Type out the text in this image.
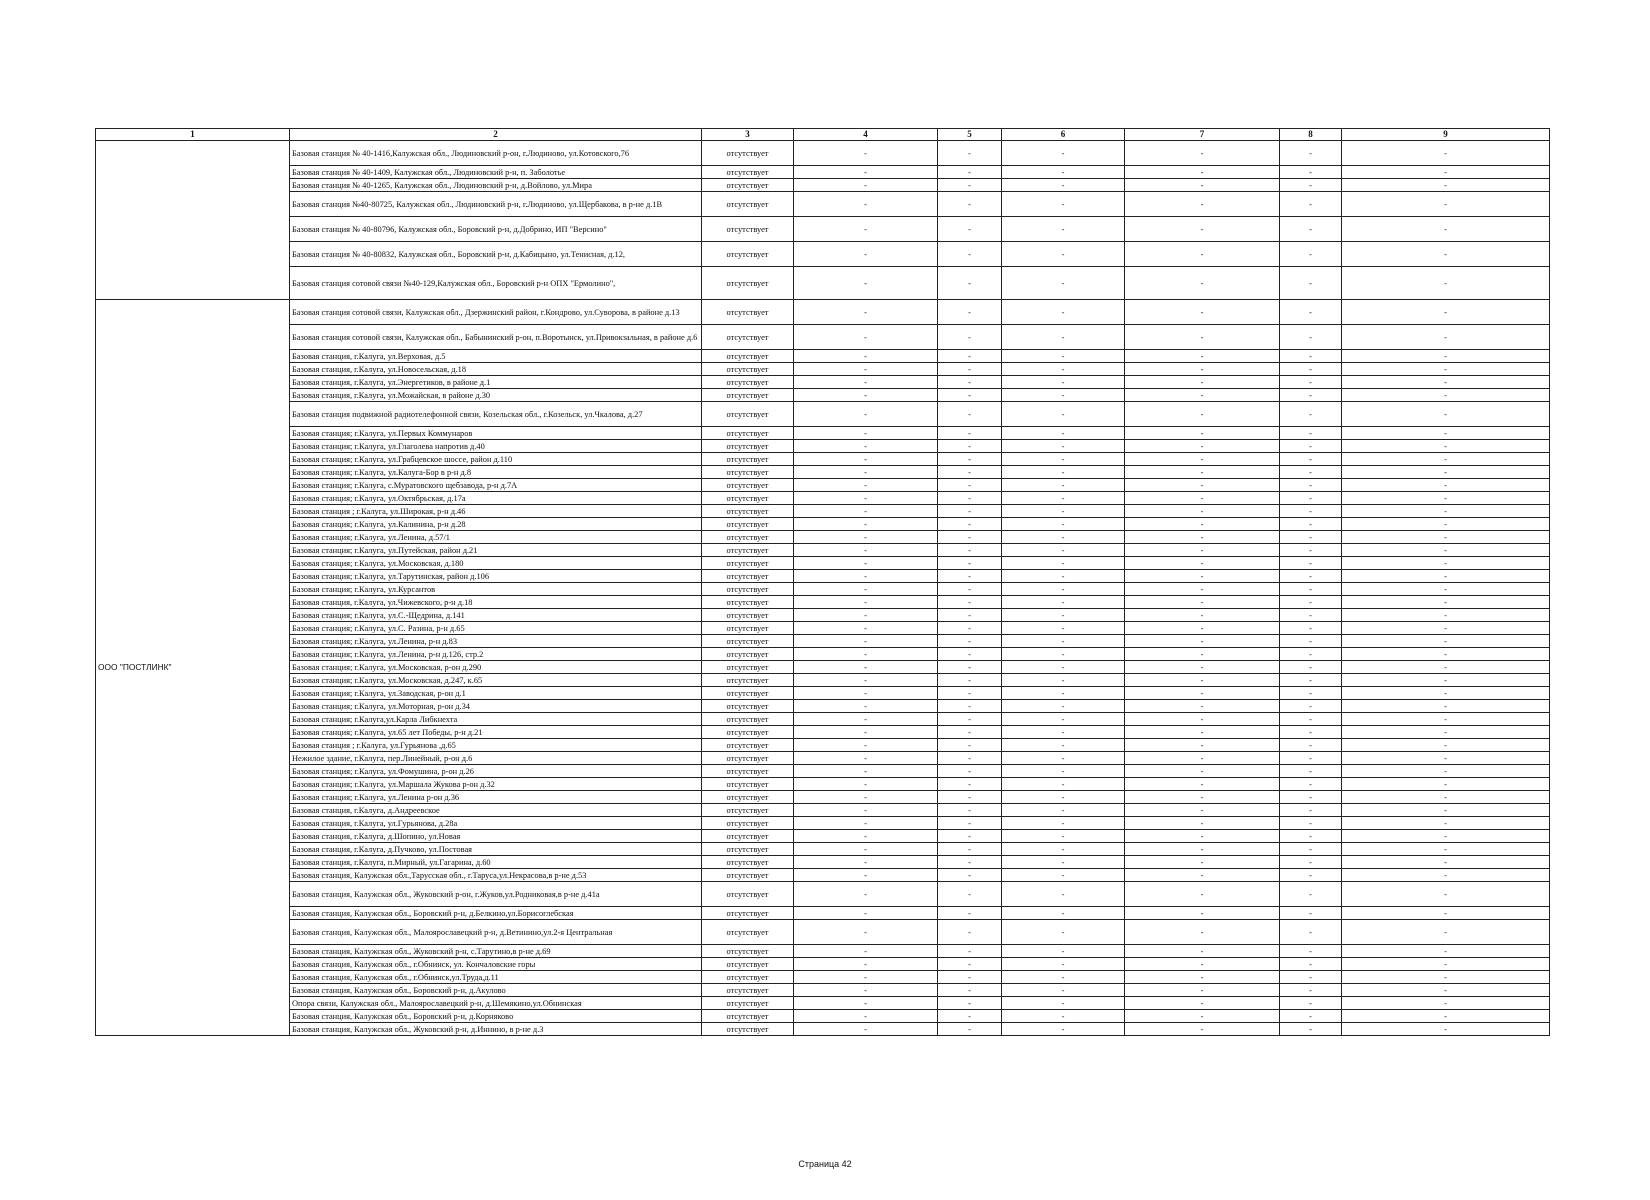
1	2	3	4	5	6	7	8	9
	Базовая станция № 40-1416,Калужская обл., Людиновский р-он, г.Людиново, ул.Котовского,76	отсутствует	-	-	-	-	-	-
	Базовая станция № 40-1409, Калужская обл., Людиновский р-н, п. Заболотье	отсутствует	-	-	-	-	-	-
	Базовая станция № 40-1265, Калужская обл., Людиновский р-н, д.Войлово, ул.Мира	отсутствует	-	-	-	-	-	-
	Базовая станция №40-80725, Калужская обл., Людиновский р-н, г.Людиново, ул.Щербакова, в р-не д.1В	отсутствует	-	-	-	-	-	-
	Базовая станция № 40-80796, Калужская обл., Боровский р-н, д.Добрино, ИП "Версино"	отсутствует	-	-	-	-	-	-
	Базовая станция № 40-80832, Калужская обл., Боровский р-н, д.Кабицыно, ул.Тенисная, д.12,	отсутствует	-	-	-	-	-	-
	Базовая станция сотовой связи №40-129,Калужская обл., Боровский р-н ОПХ "Ермолино",	отсутствует	-	-	-	-	-	-
ООО "ПОСТЛИНК"	Базовая станция сотовой связи, Калужская обл., Дзержинский район, г.Кондрово, ул.Суворова, в районе д.13	отсутствует	-	-	-	-	-	-
	Базовая станция сотовой связи, Калужская обл., Бабынинский р-он, п.Воротынск, ул.Привокзальная, в районе д.6	отсутствует	-	-	-	-	-	-
	Базовая станция, г.Калуга, ул.Верховая, д.5	отсутствует	-	-	-	-	-	-
	Базовая станция, г.Калуга, ул.Новосельская, д.18	отсутствует	-	-	-	-	-	-
	Базовая станция, г.Калуга, ул.Энергетиков, в районе д.1	отсутствует	-	-	-	-	-	-
	Базовая станция, г.Калуга, ул.Можайская, в районе д.30	отсутствует	-	-	-	-	-	-
	Базовая станция подвижной радиотелефонной связи, Козельская обл., г.Козельск, ул.Чкалова, д.27	отсутствует	-	-	-	-	-	-
	Базовая станция; г.Калуга, ул.Первых Коммунаров	отсутствует	-	-	-	-	-	-
	Базовая станция; г.Калуга, ул.Глаголева напротив д.40	отсутствует	-	-	-	-	-	-
	Базовая станция; г.Калуга, ул.Грабцевское шоссе, район д.110	отсутствует	-	-	-	-	-	-
	Базовая станция; г.Калуга, ул.Калуга-Бор в р-н д.8	отсутствует	-	-	-	-	-	-
	Базовая станция; г.Калуга, с.Муратовского щебзавода, р-н д.7А	отсутствует	-	-	-	-	-	-
	Базовая станция; г.Калуга, ул.Октябрьская, д.17а	отсутствует	-	-	-	-	-	-
	Базовая станция ; г.Калуга, ул.Широкая, р-н д.46	отсутствует	-	-	-	-	-	-
	Базовая станция; г.Калуга, ул.Калинина, р-н д.28	отсутствует	-	-	-	-	-	-
	Базовая станция; г.Калуга, ул.Ленина, д.57/1	отсутствует	-	-	-	-	-	-
	Базовая станция; г.Калуга, ул.Путейская, район д.21	отсутствует	-	-	-	-	-	-
	Базовая станция; г.Калуга, ул.Московская, д.180	отсутствует	-	-	-	-	-	-
	Базовая станция; г.Калуга, ул.Тарутинская, район д.106	отсутствует	-	-	-	-	-	-
	Базовая станция; г.Калуга, ул.Курсантов	отсутствует	-	-	-	-	-	-
	Базовая станция, г.Калуга, ул.Чижевского, р-н д.18	отсутствует	-	-	-	-	-	-
	Базовая станция; г.Калуга, ул.С.-Щедрина, д.141	отсутствует	-	-	-	-	-	-
	Базовая станция; г.Калуга, ул.С. Разина, р-н д.65	отсутствует	-	-	-	-	-	-
	Базовая станция; г.Калуга, ул.Ленина, р-н д.83	отсутствует	-	-	-	-	-	-
	Базовая станция; г.Калуга, ул.Ленина, р-н д.126, стр.2	отсутствует	-	-	-	-	-	-
	Базовая станция; г.Калуга, ул.Московская, р-он д.290	отсутствует	-	-	-	-	-	-
	Базовая станция; г.Калуга, ул.Московская, д.247, к.65	отсутствует	-	-	-	-	-	-
	Базовая станция; г.Калуга, ул.Заводская, р-он д.1	отсутствует	-	-	-	-	-	-
	Базовая станция; г.Калуга, ул.Моторная, р-он д.34	отсутствует	-	-	-	-	-	-
	Базовая станция; г.Калуга,ул.Карла Либкнехта	отсутствует	-	-	-	-	-	-
	Базовая станция; г.Калуга, ул.65 лет Победы, р-н д.21	отсутствует	-	-	-	-	-	-
	Базовая станция ; г.Калуга, ул.Гурьянова ,д.65	отсутствует	-	-	-	-	-	-
	Нежилое здание, г.Калуга, пер.Линейный, р-он д.6	отсутствует	-	-	-	-	-	-
	Базовая станция; г.Калуга, ул.Фомушина, р-он д.26	отсутствует	-	-	-	-	-	-
	Базовая станция; г.Калуга, ул.Маршала Жукова р-он д.32	отсутствует	-	-	-	-	-	-
	Базовая станция; г.Калуга, ул.Ленина р-он д.36	отсутствует	-	-	-	-	-	-
	Базовая станция, г.Калуга, д.Андреевское	отсутствует	-	-	-	-	-	-
	Базовая станция, г.Калуга, ул.Гурьянова, д.28а	отсутствует	-	-	-	-	-	-
	Базовая станция, г.Калуга, д.Шопино, ул.Новая	отсутствует	-	-	-	-	-	-
	Базовая станция, г.Калуга, д.Пучково, ул.Постовая	отсутствует	-	-	-	-	-	-
	Базовая станция, г.Калуга, п.Мирный, ул.Гагарина, д.60	отсутствует	-	-	-	-	-	-
	Базовая станция, Калужская обл.,Тарусская обл., г.Таруса,ул.Некрасова,в р-не д.53	отсутствует	-	-	-	-	-	-
	Базовая станция, Калужская обл., Жуковский р-он, г.Жуков,ул.Родниковая,в р-не д.41а	отсутствует	-	-	-	-	-	-
	Базовая станция, Калужская обл., Боровский р-н, д.Белкино,ул.Борисоглебская	отсутствует	-	-	-	-	-	-
	Базовая станция, Калужская обл., Малоярославецкий р-н, д.Ветинино,ул.2-я Центральная	отсутствует	-	-	-	-	-	-
	Базовая станция, Калужская обл., Жуковский р-н, с.Тарутино,в р-не д.69	отсутствует	-	-	-	-	-	-
	Базовая станция, Калужская обл., г.Обнинск, ул. Кончаловские горы	отсутствует	-	-	-	-	-	-
	Базовая станция, Калужская обл., г.Обнинск,ул.Труда,д.11	отсутствует	-	-	-	-	-	-
	Базовая станция, Калужская обл., Боровский р-н, д.Акулово	отсутствует	-	-	-	-	-	-
	Опора связи, Калужская обл., Малоярославецкий р-н, д.Шемякино,ул.Обнинская	отсутствует	-	-	-	-	-	-
	Базовая станция, Калужская обл., Боровский р-н, д.Корняково	отсутствует	-	-	-	-	-	-
	Базовая станция, Калужская обл., Жуковский р-н, д.Иннино, в р-не д.3	отсутствует	-	-	-	-	-	-
Страница 42
